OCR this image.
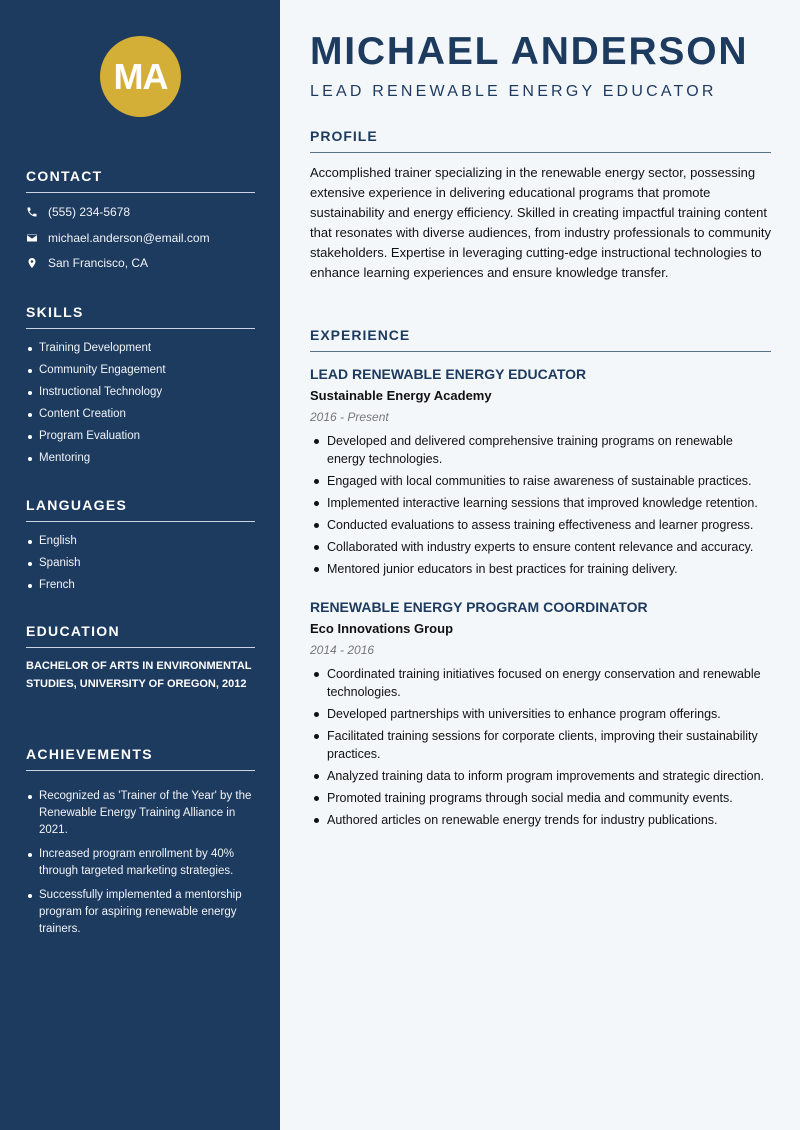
MA
CONTACT
(555) 234-5678
michael.anderson@email.com
San Francisco, CA
SKILLS
Training Development
Community Engagement
Instructional Technology
Content Creation
Program Evaluation
Mentoring
LANGUAGES
English
Spanish
French
EDUCATION
BACHELOR OF ARTS IN ENVIRONMENTAL STUDIES, UNIVERSITY OF OREGON, 2012
ACHIEVEMENTS
Recognized as 'Trainer of the Year' by the Renewable Energy Training Alliance in 2021.
Increased program enrollment by 40% through targeted marketing strategies.
Successfully implemented a mentorship program for aspiring renewable energy trainers.
MICHAEL ANDERSON
LEAD RENEWABLE ENERGY EDUCATOR
PROFILE
Accomplished trainer specializing in the renewable energy sector, possessing extensive experience in delivering educational programs that promote sustainability and energy efficiency. Skilled in creating impactful training content that resonates with diverse audiences, from industry professionals to community stakeholders. Expertise in leveraging cutting-edge instructional technologies to enhance learning experiences and ensure knowledge transfer.
EXPERIENCE
LEAD RENEWABLE ENERGY EDUCATOR
Sustainable Energy Academy
2016 - Present
Developed and delivered comprehensive training programs on renewable energy technologies.
Engaged with local communities to raise awareness of sustainable practices.
Implemented interactive learning sessions that improved knowledge retention.
Conducted evaluations to assess training effectiveness and learner progress.
Collaborated with industry experts to ensure content relevance and accuracy.
Mentored junior educators in best practices for training delivery.
RENEWABLE ENERGY PROGRAM COORDINATOR
Eco Innovations Group
2014 - 2016
Coordinated training initiatives focused on energy conservation and renewable technologies.
Developed partnerships with universities to enhance program offerings.
Facilitated training sessions for corporate clients, improving their sustainability practices.
Analyzed training data to inform program improvements and strategic direction.
Promoted training programs through social media and community events.
Authored articles on renewable energy trends for industry publications.
